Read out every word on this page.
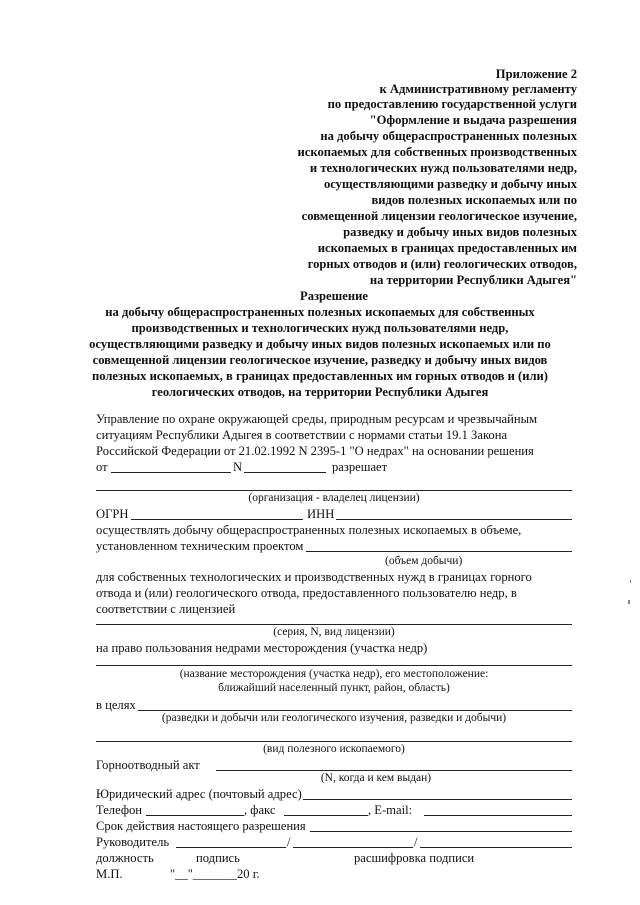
Приложение 2
к Административному регламенту
по предоставлению государственной услуги
"Оформление и выдача разрешения
на добычу общераспространенных полезных
ископаемых для собственных производственных
и технологических нужд пользователями недр,
осуществляющими разведку и добычу иных
видов полезных ископаемых или по
совмещенной лицензии геологическое изучение,
разведку и добычу иных видов полезных
ископаемых в границах предоставленных им
горных отводов и (или) геологических отводов,
на территории Республики Адыгея"
Разрешение
на добычу общераспространенных полезных ископаемых для собственных
производственных и технологических нужд пользователями недр,
осуществляющими разведку и добычу иных видов полезных ископаемых или по
совмещенной лицензии геологическое изучение, разведку и добычу иных видов
полезных ископаемых, в границах предоставленных им горных отводов и (или)
геологических отводов, на территории Республики Адыгея
Управление по охране окружающей среды, природным ресурсам и чрезвычайным
ситуациям Республики Адыгея в соответствии с нормами статьи 19.1 Закона
Российской Федерации от 21.02.1992 N 2395-1 "О недрах" на основании решения
от	N	разрешает
(организация - владелец лицензии)
ОГРН	ИНН
осуществлять добычу общераспространенных полезных ископаемых в объеме,
установленном техническим проектом
(объем добычи)
для собственных технологических и производственных нужд в границах горного
отвода и (или) геологического отвода, предоставленного пользователю недр, в
соответствии с лицензией
(серия, N, вид лицензии)
на право пользования недрами месторождения (участка недр)
(название месторождения (участка недр), его местоположение:
ближайший населенный пункт, район, область)
в целях
(разведки и добычи или геологического изучения, разведки и добычи)
(вид полезного ископаемого)
Горноотводный акт
(N, когда и кем выдан)
Юридический адрес (почтовый адрес)
Телефон	, факс	, E-mail:
Срок действия настоящего разрешения
Руководитель	/	/
должность	подпись	расшифровка подписи
М.П.	"__"_______20 г.
